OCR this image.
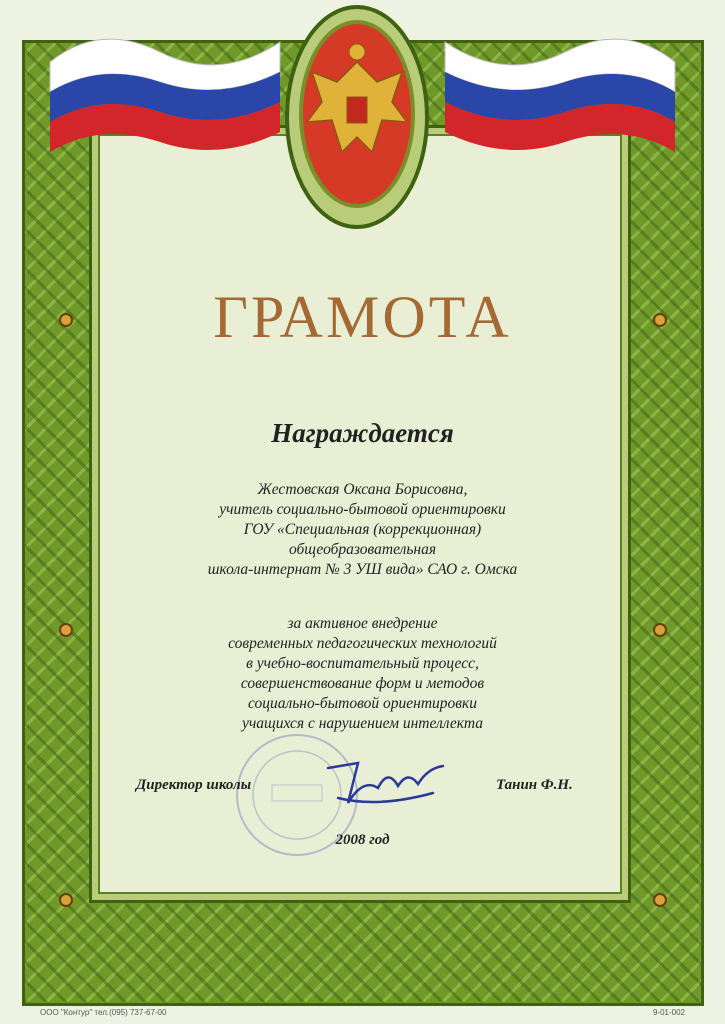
ГРАМОТА
Награждается
Жестовская Оксана Борисовна,
учитель социально-бытовой ориентировки
ГОУ «Специальная (коррекционная)
общеобразовательная
школа-интернат № 3 УШ вида» САО г. Омска
за активное внедрение
современных педагогических технологий
в учебно-воспитательный процесс,
совершенствование форм и методов
социально-бытовой ориентировки
учащихся с нарушением интеллекта
Директор школы	Танин Ф.Н.
2008 год
ООО "Контур" тел.(095) 737-67-00	9-01-002
